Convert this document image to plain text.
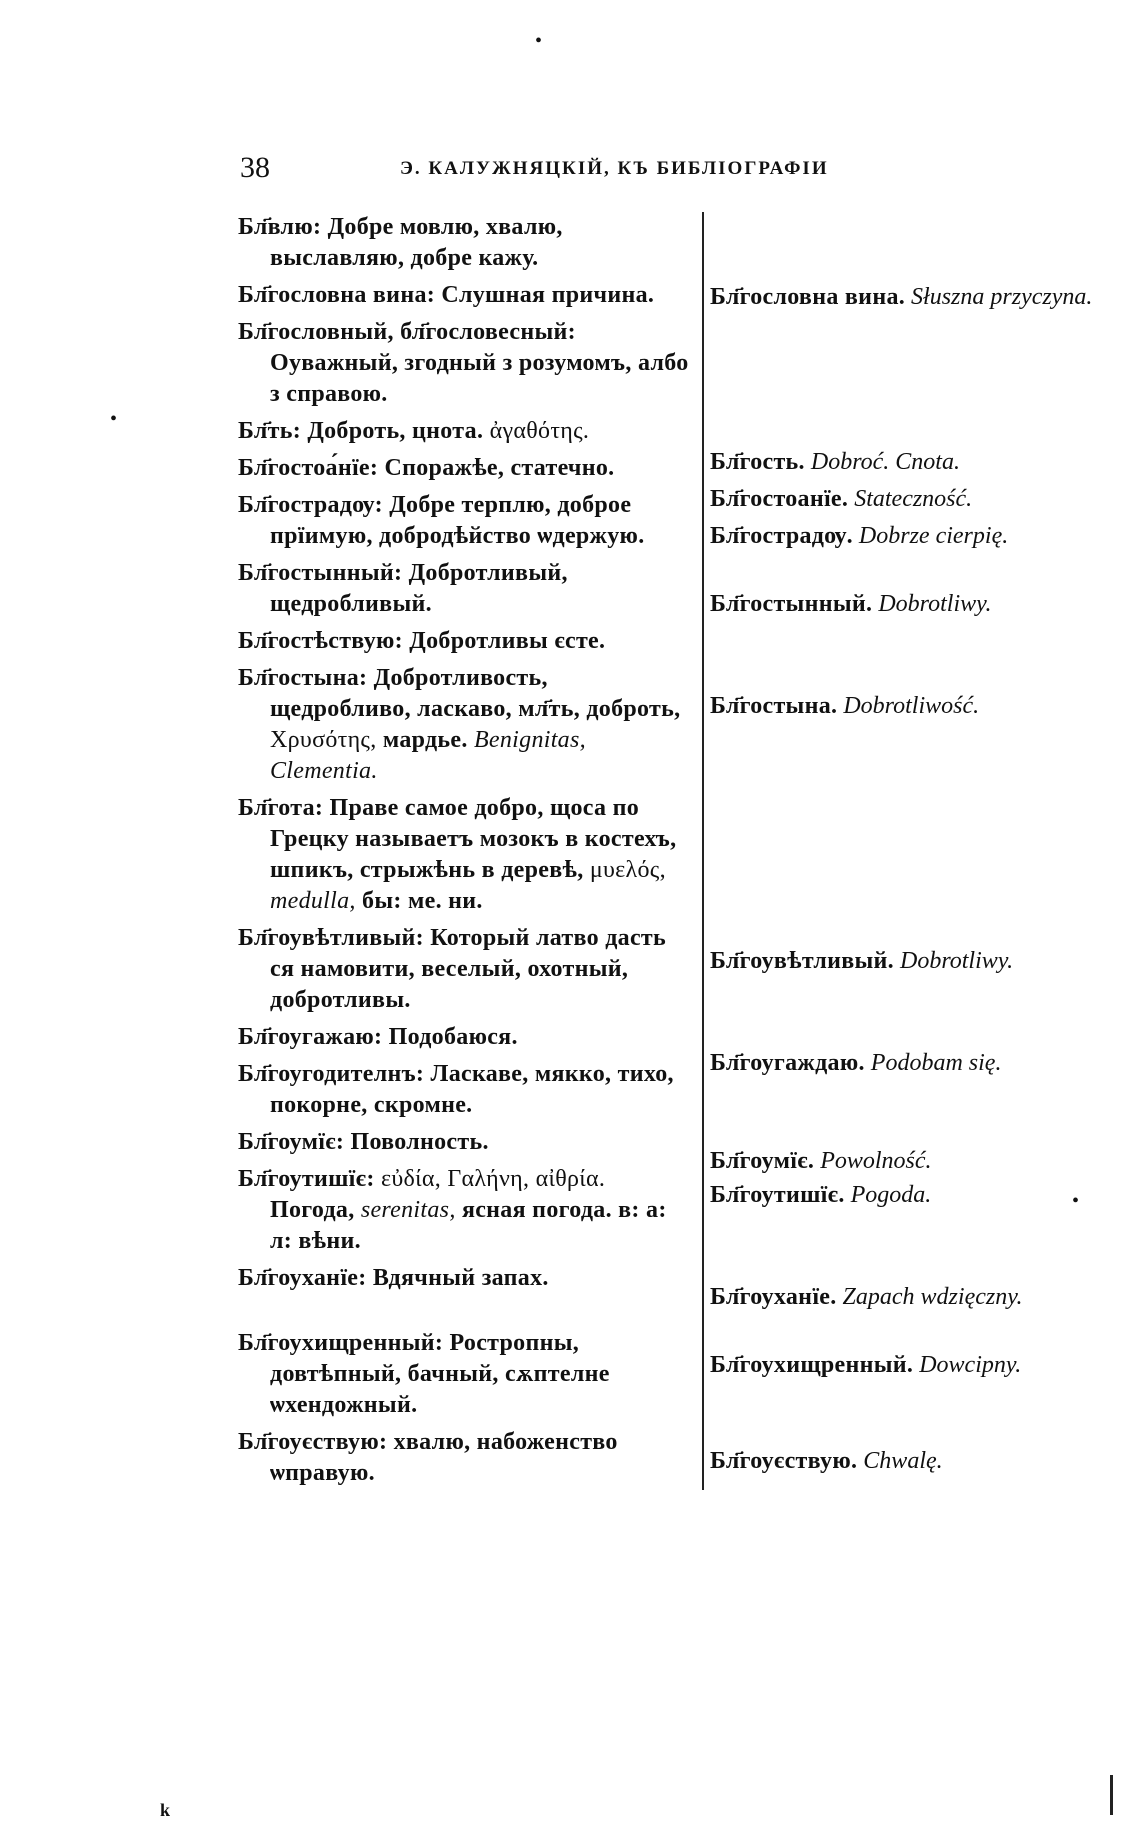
38	Э. КАЛУЖНЯЦКІЙ, КЪ БИБЛІОГРАФІИ

Бл҃влю: Добре мовлю, хвалю, выславляю, добре кажу.

Бл҃гословна вина: Слушная причина.

Бл҃гословный, бл҃гословесный: Оуважный, згодный з розумомъ, албо з справою.

Бл҃ть: Доброть, цнота. ἀγαθότης.

Бл҃гостоа́нїе: Споражѣе, статечно.

Бл҃гострадѹ: Добре терплю, доброе прїимую, добродѣйство ѡдержую.

Бл҃гостынный: Добротливый, щедробливый.

Бл҃гостѣствую: Добротливы єсте.

Бл҃гостына: Добротливость, щедробливо, ласкаво, мл҃ть, доброть, Χρυσότης, мардье. Benignitas, Clementia.

Бл҃гота: Праве самое добро, щоса по Грецку называетъ мозокъ в костехъ, шпикъ, стрыжѣнь в деревѣ, μυελός, medulla, бы: ме. ни.

Бл҃гоувѣтливый: Который латво дасть ся намовити, веселый, охотный, добротливы.

Бл҃гоугажаю: Подобаюся.

Бл҃гоугодителнъ: Ласкаве, мякко, тихо, покорне, скромне.

Бл҃гоумїє: Поволность.

Бл҃гоутишїє: εὐδία, Γαλήνη, αἰθρία. Погода, serenitas, ясная погода. в: а: л: вѣни.

Бл҃гоуханїе: Вдячный запах.

Бл҃гоухищренный: Ростропны, довтѣпный, бачный, сѫптелне ѡхендожный.

Бл҃гоуєствую: хвалю, набоженство ѡправую.

Бл҃гословна вина. Słuszna przyczyna.
Бл҃гость. Dobroć. Cnota.
Бл҃гостоанїе. Stateczność.
Бл҃гострадѹ. Dobrze cierpię.
Бл҃гостынный. Dobrotliwy.
Бл҃гостына. Dobrotliwość.
Бл҃гоувѣтливый. Dobrotliwy.
Бл҃гоугаждаю. Podobam się.
Бл҃гоумїє. Powolność.
Бл҃гоутишїє. Pogoda.
Бл҃гоуханїе. Zapach wdzięczny.
Бл҃гоухищренный. Dowcipny.
Бл҃гоуєствую. Chwalę.
•
•
•
k
